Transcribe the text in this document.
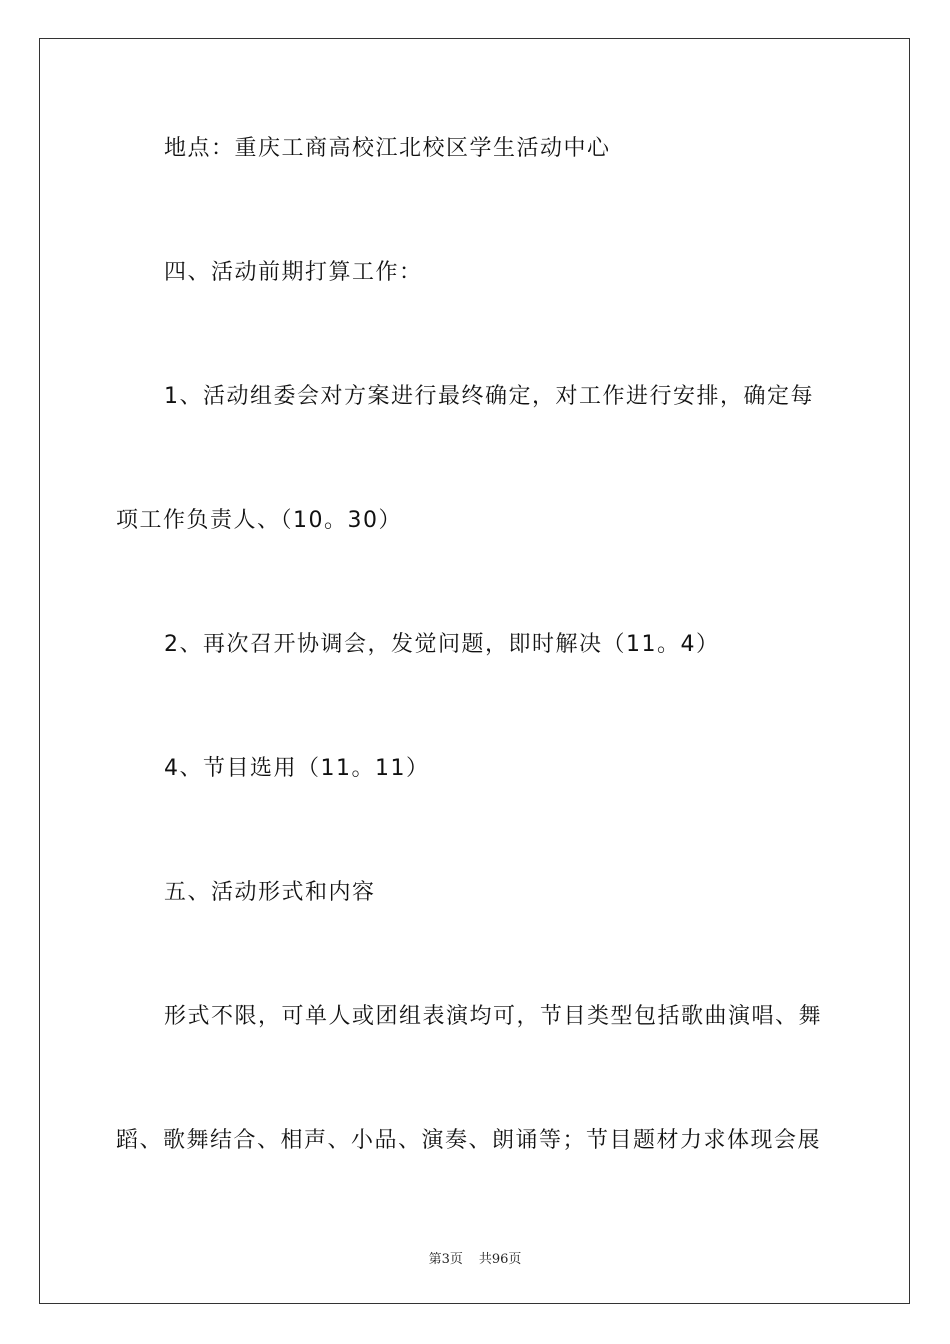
地点：重庆工商高校江北校区学生活动中心
四、活动前期打算工作：
1、活动组委会对方案进行最终确定，对工作进行安排，确定每
项工作负责人、（10。30）
2、再次召开协调会，发觉问题，即时解决（11。4）
4、节目选用（11。11）
五、活动形式和内容
形式不限，可单人或团组表演均可，节目类型包括歌曲演唱、舞
蹈、歌舞结合、相声、小品、演奏、朗诵等；节目题材力求体现会展
第3页 共96页
